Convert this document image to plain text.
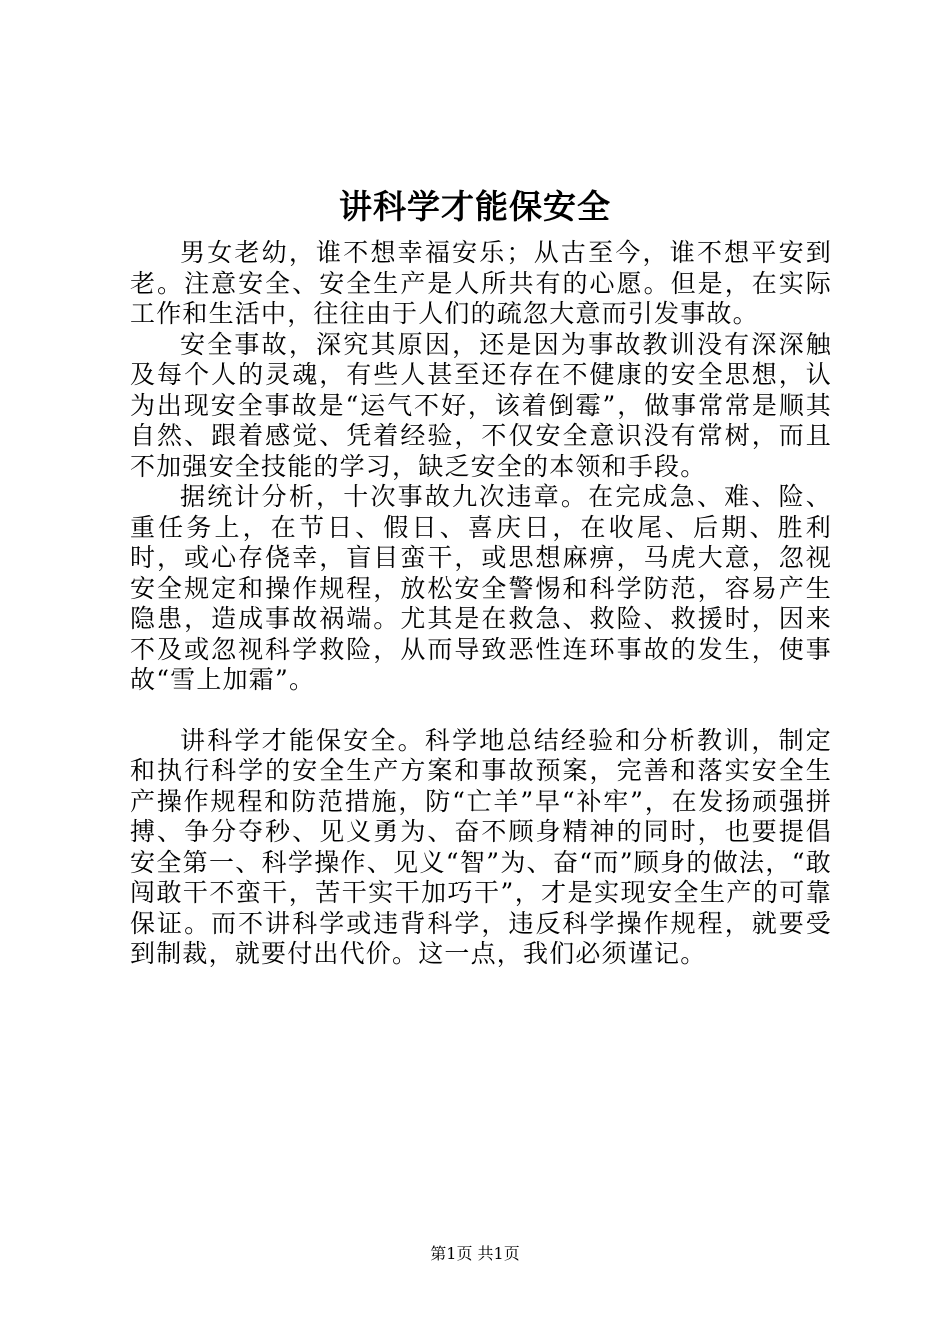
讲科学才能保安全

男女老幼，谁不想幸福安乐；从古至今，谁不想平安到老。注意安全、安全生产是人所共有的心愿。但是，在实际工作和生活中，往往由于人们的疏忽大意而引发事故。

安全事故，深究其原因，还是因为事故教训没有深深触及每个人的灵魂，有些人甚至还存在不健康的安全思想，认为出现安全事故是“运气不好，该着倒霉”，做事常常是顺其自然、跟着感觉、凭着经验，不仅安全意识没有常树，而且不加强安全技能的学习，缺乏安全的本领和手段。

据统计分析，十次事故九次违章。在完成急、难、险、重任务上，在节日、假日、喜庆日，在收尾、后期、胜利时，或心存侥幸，盲目蛮干，或思想麻痹，马虎大意，忽视安全规定和操作规程，放松安全警惕和科学防范，容易产生隐患，造成事故祸端。尤其是在救急、救险、救援时，因来不及或忽视科学救险，从而导致恶性连环事故的发生，使事故“雪上加霜”。

讲科学才能保安全。科学地总结经验和分析教训，制定和执行科学的安全生产方案和事故预案，完善和落实安全生产操作规程和防范措施，防“亡羊”早“补牢”，在发扬顽强拼搏、争分夺秒、见义勇为、奋不顾身精神的同时，也要提倡安全第一、科学操作、见义“智”为、奋“而”顾身的做法，“敢闯敢干不蛮干，苦干实干加巧干”，才是实现安全生产的可靠保证。而不讲科学或违背科学，违反科学操作规程，就要受到制裁，就要付出代价。这一点，我们必须谨记。

第1页 共1页
